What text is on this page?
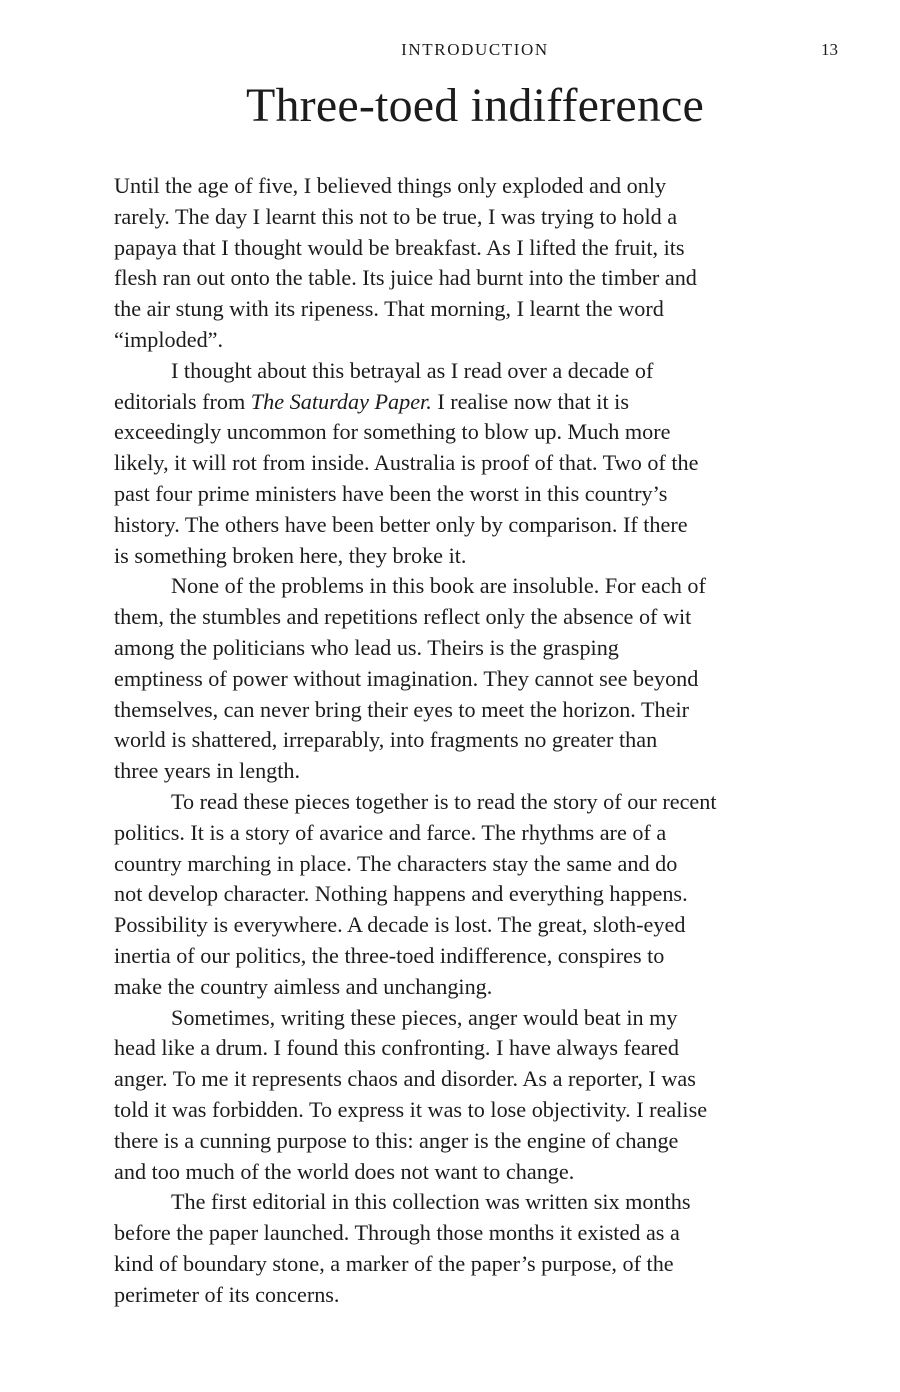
INTRODUCTION	13
Three-toed indifference
Until the age of five, I believed things only exploded and only
rarely. The day I learnt this not to be true, I was trying to hold a
papaya that I thought would be breakfast. As I lifted the fruit, its
flesh ran out onto the table. Its juice had burnt into the timber and
the air stung with its ripeness. That morning, I learnt the word
“imploded”.
I thought about this betrayal as I read over a decade of
editorials from The Saturday Paper. I realise now that it is
exceedingly uncommon for something to blow up. Much more
likely, it will rot from inside. Australia is proof of that. Two of the
past four prime ministers have been the worst in this country’s
history. The others have been better only by comparison. If there
is something broken here, they broke it.
None of the problems in this book are insoluble. For each of
them, the stumbles and repetitions reflect only the absence of wit
among the politicians who lead us. Theirs is the grasping
emptiness of power without imagination. They cannot see beyond
themselves, can never bring their eyes to meet the horizon. Their
world is shattered, irreparably, into fragments no greater than
three years in length.
To read these pieces together is to read the story of our recent
politics. It is a story of avarice and farce. The rhythms are of a
country marching in place. The characters stay the same and do
not develop character. Nothing happens and everything happens.
Possibility is everywhere. A decade is lost. The great, sloth-eyed
inertia of our politics, the three-toed indifference, conspires to
make the country aimless and unchanging.
Sometimes, writing these pieces, anger would beat in my
head like a drum. I found this confronting. I have always feared
anger. To me it represents chaos and disorder. As a reporter, I was
told it was forbidden. To express it was to lose objectivity. I realise
there is a cunning purpose to this: anger is the engine of change
and too much of the world does not want to change.
The first editorial in this collection was written six months
before the paper launched. Through those months it existed as a
kind of boundary stone, a marker of the paper’s purpose, of the
perimeter of its concerns.
